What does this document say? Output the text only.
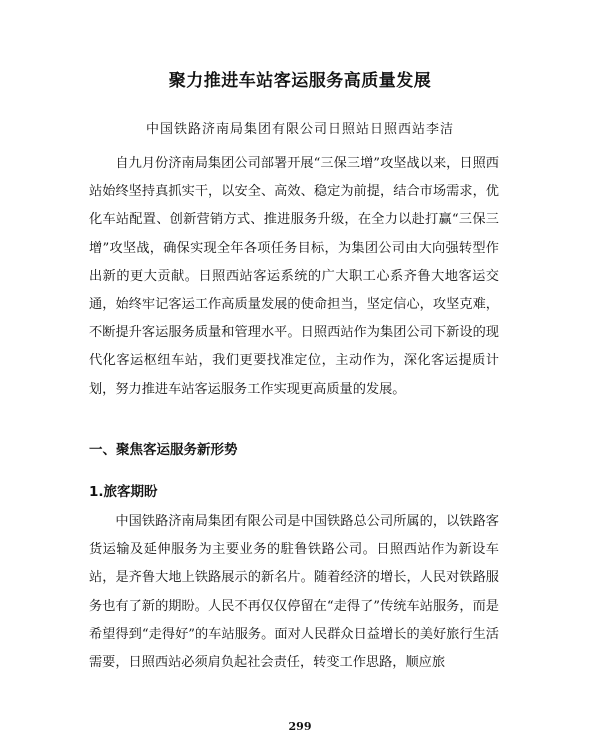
聚力推进车站客运服务高质量发展

中国铁路济南局集团有限公司日照站日照西站李洁

自九月份济南局集团公司部署开展“三保三增”攻坚战以来，日照西站始终坚持真抓实干，以安全、高效、稳定为前提，结合市场需求，优化车站配置、创新营销方式、推进服务升级，在全力以赴打赢“三保三增”攻坚战，确保实现全年各项任务目标，为集团公司由大向强转型作出新的更大贡献。日照西站客运系统的广大职工心系齐鲁大地客运交通，始终牢记客运工作高质量发展的使命担当，坚定信心，攻坚克难，不断提升客运服务质量和管理水平。日照西站作为集团公司下新设的现代化客运枢纽车站，我们更要找准定位，主动作为，深化客运提质计划，努力推进车站客运服务工作实现更高质量的发展。

一、聚焦客运服务新形势
1.旅客期盼

中国铁路济南局集团有限公司是中国铁路总公司所属的，以铁路客货运输及延伸服务为主要业务的駐鲁铁路公司。日照西站作为新设车站，是齐鲁大地上铁路展示的新名片。随着经济的增长，人民对铁路服务也有了新的期盼。人民不再仅仅停留在“走得了”传统车站服务，而是希望得到“走得好”的车站服务。面对人民群众日益增长的美好旅行生活需要，日照西站必须肩负起社会责任，转变工作思路，顺应旅

299
